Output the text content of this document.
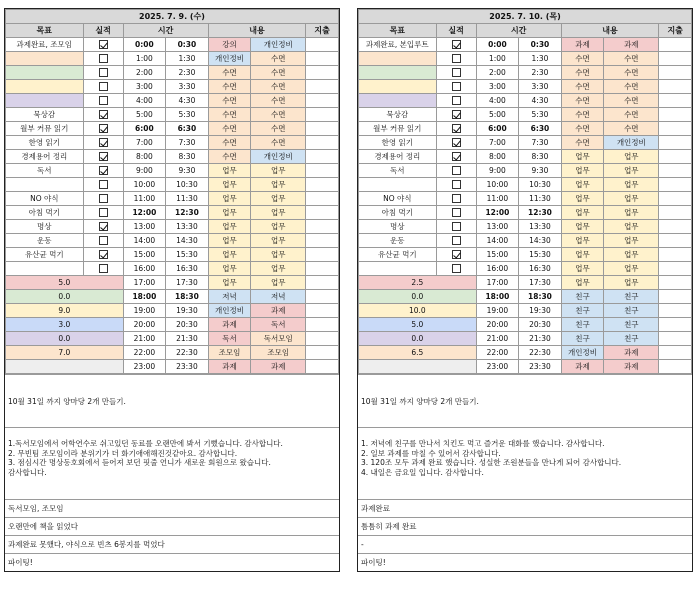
2025. 7. 9. (수)						
목표	실적	시간		내용		지출
과제완료, 조모임		0:00	0:30	강의	개인정비	
		1:00	1:30	개인정비	수면	
		2:00	2:30	수면	수면	
		3:00	3:30	수면	수면	
		4:00	4:30	수면	수면	
묵상감		5:00	5:30	수면	수면	
월부 커뮤 읽기		6:00	6:30	수면	수면	
한영 읽기		7:00	7:30	수면	수면	
경제용어 정리		8:00	8:30	수면	개인정비	
독서		9:00	9:30	업무	업무	
		10:00	10:30	업무	업무	
NO 야식		11:00	11:30	업무	업무	
아침 먹기		12:00	12:30	업무	업무	
명상		13:00	13:30	업무	업무	
운동		14:00	14:30	업무	업무	
유산균 먹기		15:00	15:30	업무	업무	
		16:00	16:30	업무	업무	
5.0		17:00	17:30	업무	업무	
0.0		18:00	18:30	저녁	저녁	
9.0		19:00	19:30	개인정비	과제	
3.0		20:00	20:30	과제	독서	
0.0		21:00	21:30	독서	독서모임	
7.0		22:00	22:30	조모임	조모임	
		23:00	23:30	과제	과제	
10월 31일 까지 양마당 2개 만들기.
1.독서모임에서 어학연수로 쉬고있던 동료를 오랜만에 봐서 기뻤습니다. 감사합니다.
2. 무빈팀 조모임이라 분위기가 더 화기애애해진것같아요. 감사합니다.
3. 점심시간 명상동호회에서 듣어져 보던 핏줄 언니가 새로운 회원으로 왔습니다.
감사합니다.
독서모임, 조모임
오랜만에 책을 읽었다
과제완료 못했다, 야식으로 빈츠 6봉지를 먹었다
파이팅!
2025. 7. 10. (목)						
목표	실적	시간		내용		지출
과제완료, 본입루트		0:00	0:30	과제	과제	
		1:00	1:30	수면	수면	
		2:00	2:30	수면	수면	
		3:00	3:30	수면	수면	
		4:00	4:30	수면	수면	
묵상감		5:00	5:30	수면	수면	
월부 커뮤 읽기		6:00	6:30	수면	수면	
한영 읽기		7:00	7:30	수면	개인정비	
경제용어 정리		8:00	8:30	업무	업무	
독서		9:00	9:30	업무	업무	
		10:00	10:30	업무	업무	
NO 야식		11:00	11:30	업무	업무	
아침 먹기		12:00	12:30	업무	업무	
명상		13:00	13:30	업무	업무	
운동		14:00	14:30	업무	업무	
유산균 먹기		15:00	15:30	업무	업무	
		16:00	16:30	업무	업무	
2.5		17:00	17:30	업무	업무	
0.0		18:00	18:30	친구	친구	
10.0		19:00	19:30	친구	친구	
5.0		20:00	20:30	친구	친구	
0.0		21:00	21:30	친구	친구	
6.5		22:00	22:30	개인정비	과제	
		23:00	23:30	과제	과제	
10월 31일 까지 양마당 2개 만들기.
1. 저녁에 친구를 만나서 치킨도 먹고 즐거운 대화를 했습니다. 감사합니다.
2. 일보 과제를 마칠 수 있어서 감사합니다.
3. 120조 모두 과제 완료 했습니다. 성실한 조원분들을 만나게 되어 감사합니다.
4. 내일은 금요일 입니다. 감사합니다.
과제완료
틈틈히 과제 완료
-
파이팅!
